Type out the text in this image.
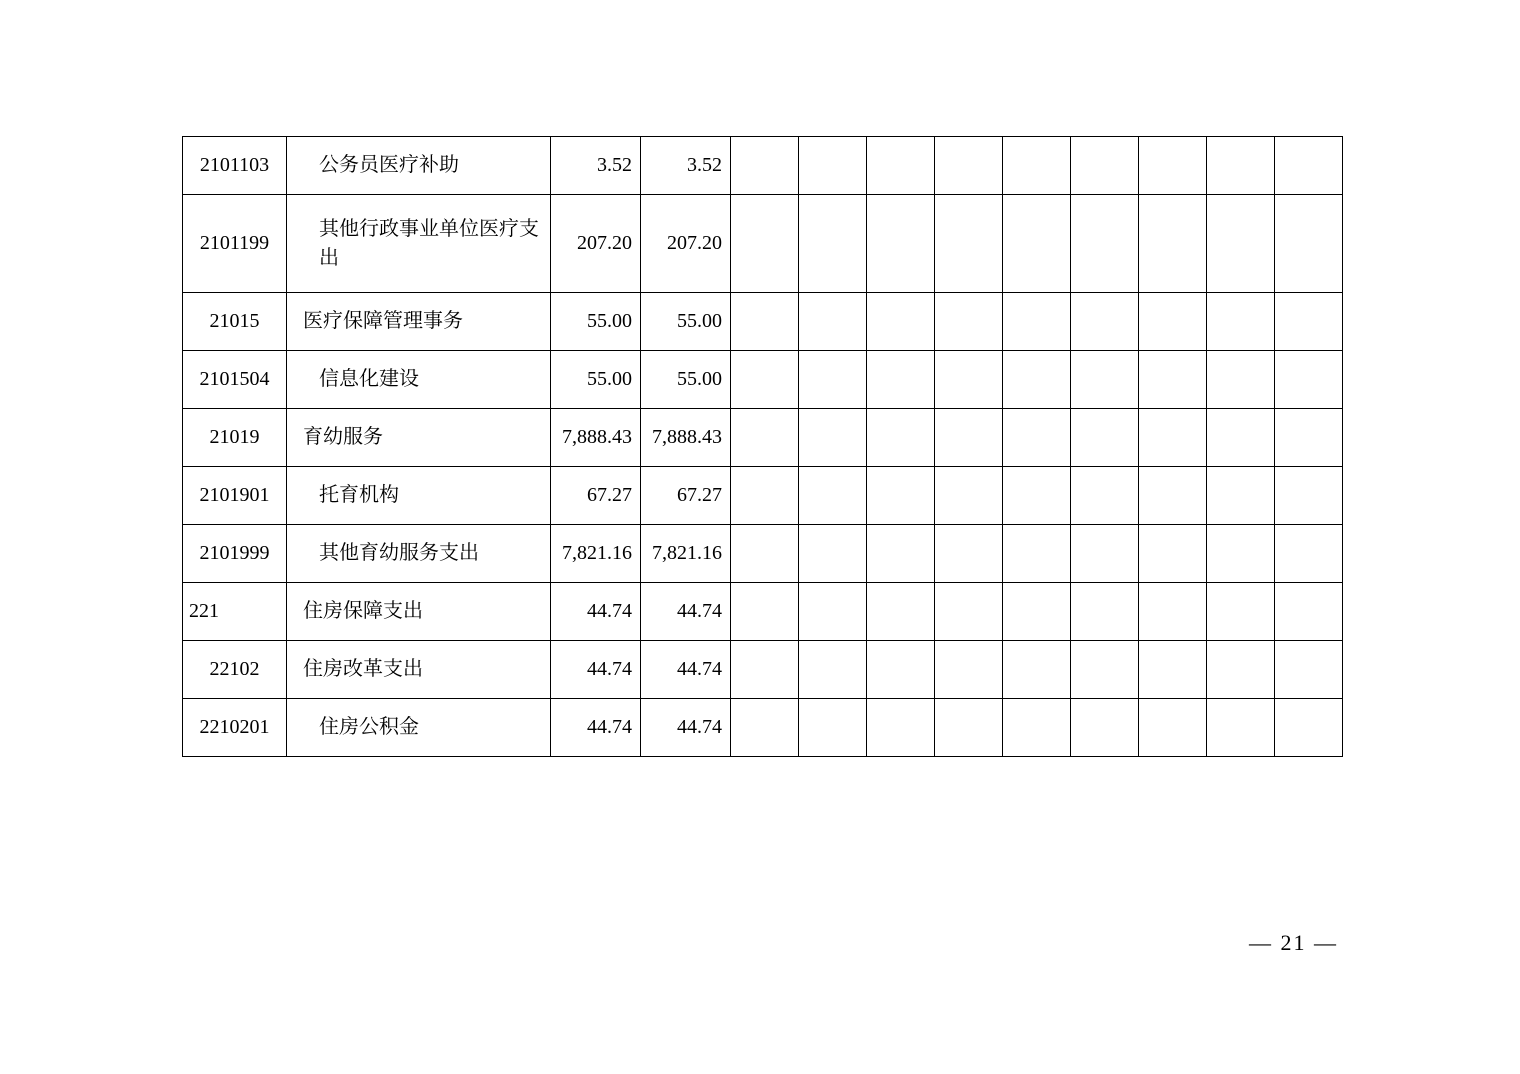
2101103	公务员医疗补助	3.52	3.52									
2101199	其他行政事业单位医疗支出	207.20	207.20									
21015	医疗保障管理事务	55.00	55.00									
2101504	信息化建设	55.00	55.00									
21019	育幼服务	7,888.43	7,888.43									
2101901	托育机构	67.27	67.27									
2101999	其他育幼服务支出	7,821.16	7,821.16									
221	住房保障支出	44.74	44.74									
22102	住房改革支出	44.74	44.74									
2210201	住房公积金	44.74	44.74									
— 21 —
